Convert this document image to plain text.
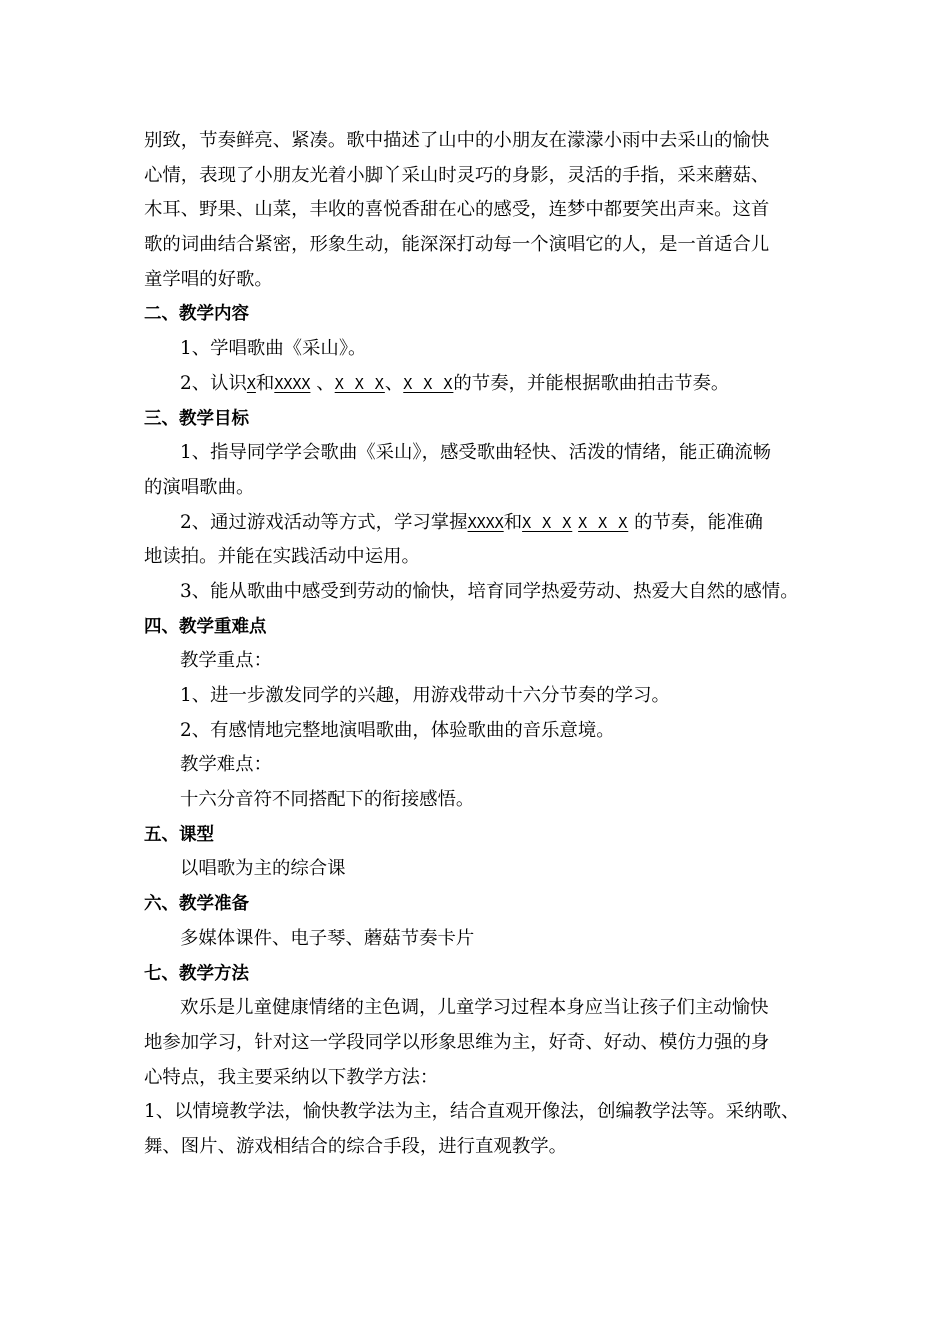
别致，节奏鲜亮、紧凑。歌中描述了山中的小朋友在濛濛小雨中去采山的愉快
心情，表现了小朋友光着小脚丫采山时灵巧的身影，灵活的手指，采来蘑菇、
木耳、野果、山菜，丰收的喜悦香甜在心的感受，连梦中都要笑出声来。这首
歌的词曲结合紧密，形象生动，能深深打动每一个演唱它的人，是一首适合儿
童学唱的好歌。
二、教学内容
1、学唱歌曲《采山》。
2、认识X和XXXX 、X X X、X X X的节奏，并能根据歌曲拍击节奏。
三、教学目标
1、指导同学学会歌曲《采山》，感受歌曲轻快、活泼的情绪，能正确流畅
的演唱歌曲。
2、通过游戏活动等方式，学习掌握XXXX和X X X X X X 的节奏，能准确
地读拍。并能在实践活动中运用。
3、能从歌曲中感受到劳动的愉快，培育同学热爱劳动、热爱大自然的感情。
四、教学重难点
教学重点：
1、进一步激发同学的兴趣，用游戏带动十六分节奏的学习。
2、有感情地完整地演唱歌曲，体验歌曲的音乐意境。
教学难点：
十六分音符不同搭配下的衔接感悟。
五、课型
以唱歌为主的综合课
六、教学准备
多媒体课件、电子琴、蘑菇节奏卡片
七、教学方法
欢乐是儿童健康情绪的主色调，儿童学习过程本身应当让孩子们主动愉快
地参加学习，针对这一学段同学以形象思维为主，好奇、好动、模仿力强的身
心特点，我主要采纳以下教学方法：
1、以情境教学法，愉快教学法为主，结合直观开像法，创编教学法等。采纳歌、
舞、图片、游戏相结合的综合手段，进行直观教学。
